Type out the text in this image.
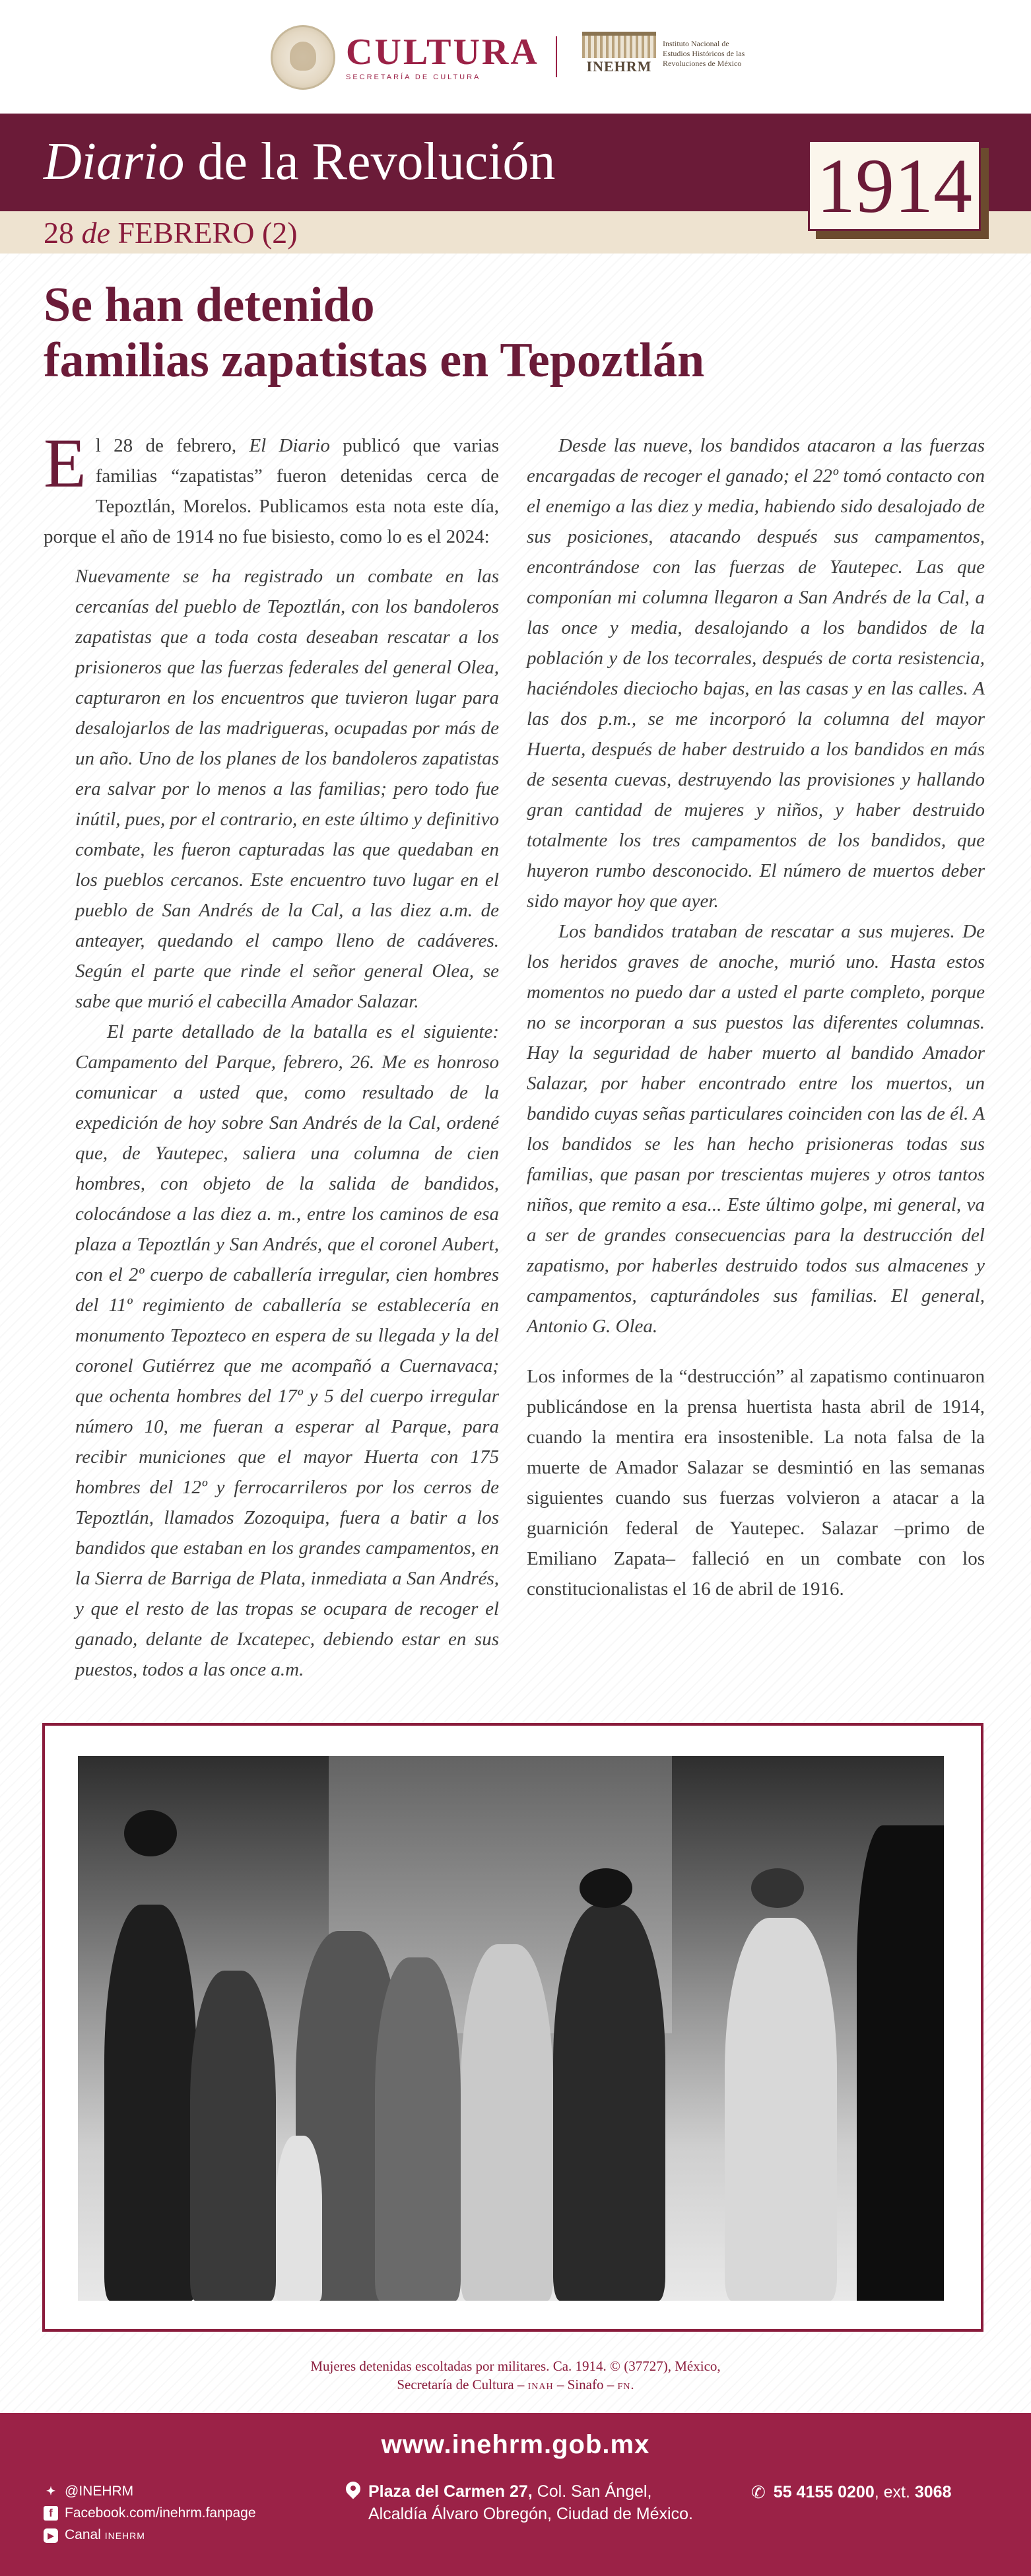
CULTURA
SECRETARÍA DE CULTURA
INEHRM
Instituto Nacional de
Estudios Históricos de las
Revoluciones de México
Diario de la Revolución
28 de FEBRERO (2)
1914
Se han detenido
familias zapatistas en Tepoztlán

El 28 de febrero, El Diario publicó que varias familias “zapatistas” fueron detenidas cerca de Tepoztlán, Morelos. Publicamos esta nota este día, porque el año de 1914 no fue bisiesto, como lo es el 2024:

Nuevamente se ha registrado un combate en las cercanías del pueblo de Tepoztlán, con los bandoleros zapatistas que a toda costa deseaban rescatar a los prisioneros que las fuerzas federales del general Olea, capturaron en los encuentros que tuvieron lugar para desalojarlos de las madrigueras, ocupadas por más de un año. Uno de los planes de los bandoleros zapatistas era salvar por lo menos a las familias; pero todo fue inútil, pues, por el contrario, en este último y definitivo combate, les fueron capturadas las que quedaban en los pueblos cercanos. Este encuentro tuvo lugar en el pueblo de San Andrés de la Cal, a las diez a.m. de anteayer, quedando el campo lleno de cadáveres. Según el parte que rinde el señor general Olea, se sabe que murió el cabecilla Amador Salazar.

El parte detallado de la batalla es el siguiente: Campamento del Parque, febrero, 26. Me es honroso comunicar a usted que, como resultado de la expedición de hoy sobre San Andrés de la Cal, ordené que, de Yautepec, saliera una columna de cien hombres, con objeto de la salida de bandidos, colocándose a las diez a. m., entre los caminos de esa plaza a Tepoztlán y San Andrés, que el coronel Aubert, con el 2º cuerpo de caballería irregular, cien hombres del 11º regimiento de caballería se establecería en monumento Tepozteco en espera de su llegada y la del coronel Gutiérrez que me acompañó a Cuernavaca; que ochenta hombres del 17º y 5 del cuerpo irregular número 10, me fueran a esperar al Parque, para recibir municiones que el mayor Huerta con 175 hombres del 12º y ferrocarrileros por los cerros de Tepoztlán, llamados Zozoquipa, fuera a batir a los bandidos que estaban en los grandes campamentos, en la Sierra de Barriga de Plata, inmediata a San Andrés, y que el resto de las tropas se ocupara de recoger el ganado, delante de Ixcatepec, debiendo estar en sus puestos, todos a las once a.m.

Desde las nueve, los bandidos atacaron a las fuerzas encargadas de recoger el ganado; el 22º tomó contacto con el enemigo a las diez y media, habiendo sido desalojado de sus posiciones, atacando después sus campamentos, encontrándose con las fuerzas de Yautepec. Las que componían mi columna llegaron a San Andrés de la Cal, a las once y media, desalojando a los bandidos de la población y de los tecorrales, después de corta resistencia, haciéndoles dieciocho bajas, en las casas y en las calles. A las dos p.m., se me incorporó la columna del mayor Huerta, después de haber destruido a los bandidos en más de sesenta cuevas, destruyendo las provisiones y hallando gran cantidad de mujeres y niños, y haber destruido totalmente los tres campamentos de los bandidos, que huyeron rumbo desconocido. El número de muertos deber sido mayor hoy que ayer.

Los bandidos trataban de rescatar a sus mujeres. De los heridos graves de anoche, murió uno. Hasta estos momentos no puedo dar a usted el parte completo, porque no se incorporan a sus puestos las diferentes columnas. Hay la seguridad de haber muerto al bandido Amador Salazar, por haber encontrado entre los muertos, un bandido cuyas señas particulares coinciden con las de él. A los bandidos se les han hecho prisioneras todas sus familias, que pasan por trescientas mujeres y otros tantos niños, que remito a esa... Este último golpe, mi general, va a ser de grandes consecuencias para la destrucción del zapatismo, por haberles destruido todos sus almacenes y campamentos, capturándoles sus familias. El general, Antonio G. Olea.

Los informes de la “destrucción” al zapatismo continuaron publicándose en la prensa huertista hasta abril de 1914, cuando la mentira era insostenible. La nota falsa de la muerte de Amador Salazar se desmintió en las semanas siguientes cuando sus fuerzas volvieron a atacar a la guarnición federal de Yautepec. Salazar –primo de Emiliano Zapata– falleció en un combate con los constitucionalistas el 16 de abril de 1916.

Mujeres detenidas escoltadas por militares. Ca. 1914. © (37727), México,
Secretaría de Cultura – INAH – Sinafo – FN.
www.inehrm.gob.mx
✦ @INEHRM
f Facebook.com/inehrm.fanpage
▶ Canal INEHRM
Plaza del Carmen 27, Col. San Ángel,
Alcaldía Álvaro Obregón, Ciudad de México.
✆ 55 4155 0200, ext. 3068
